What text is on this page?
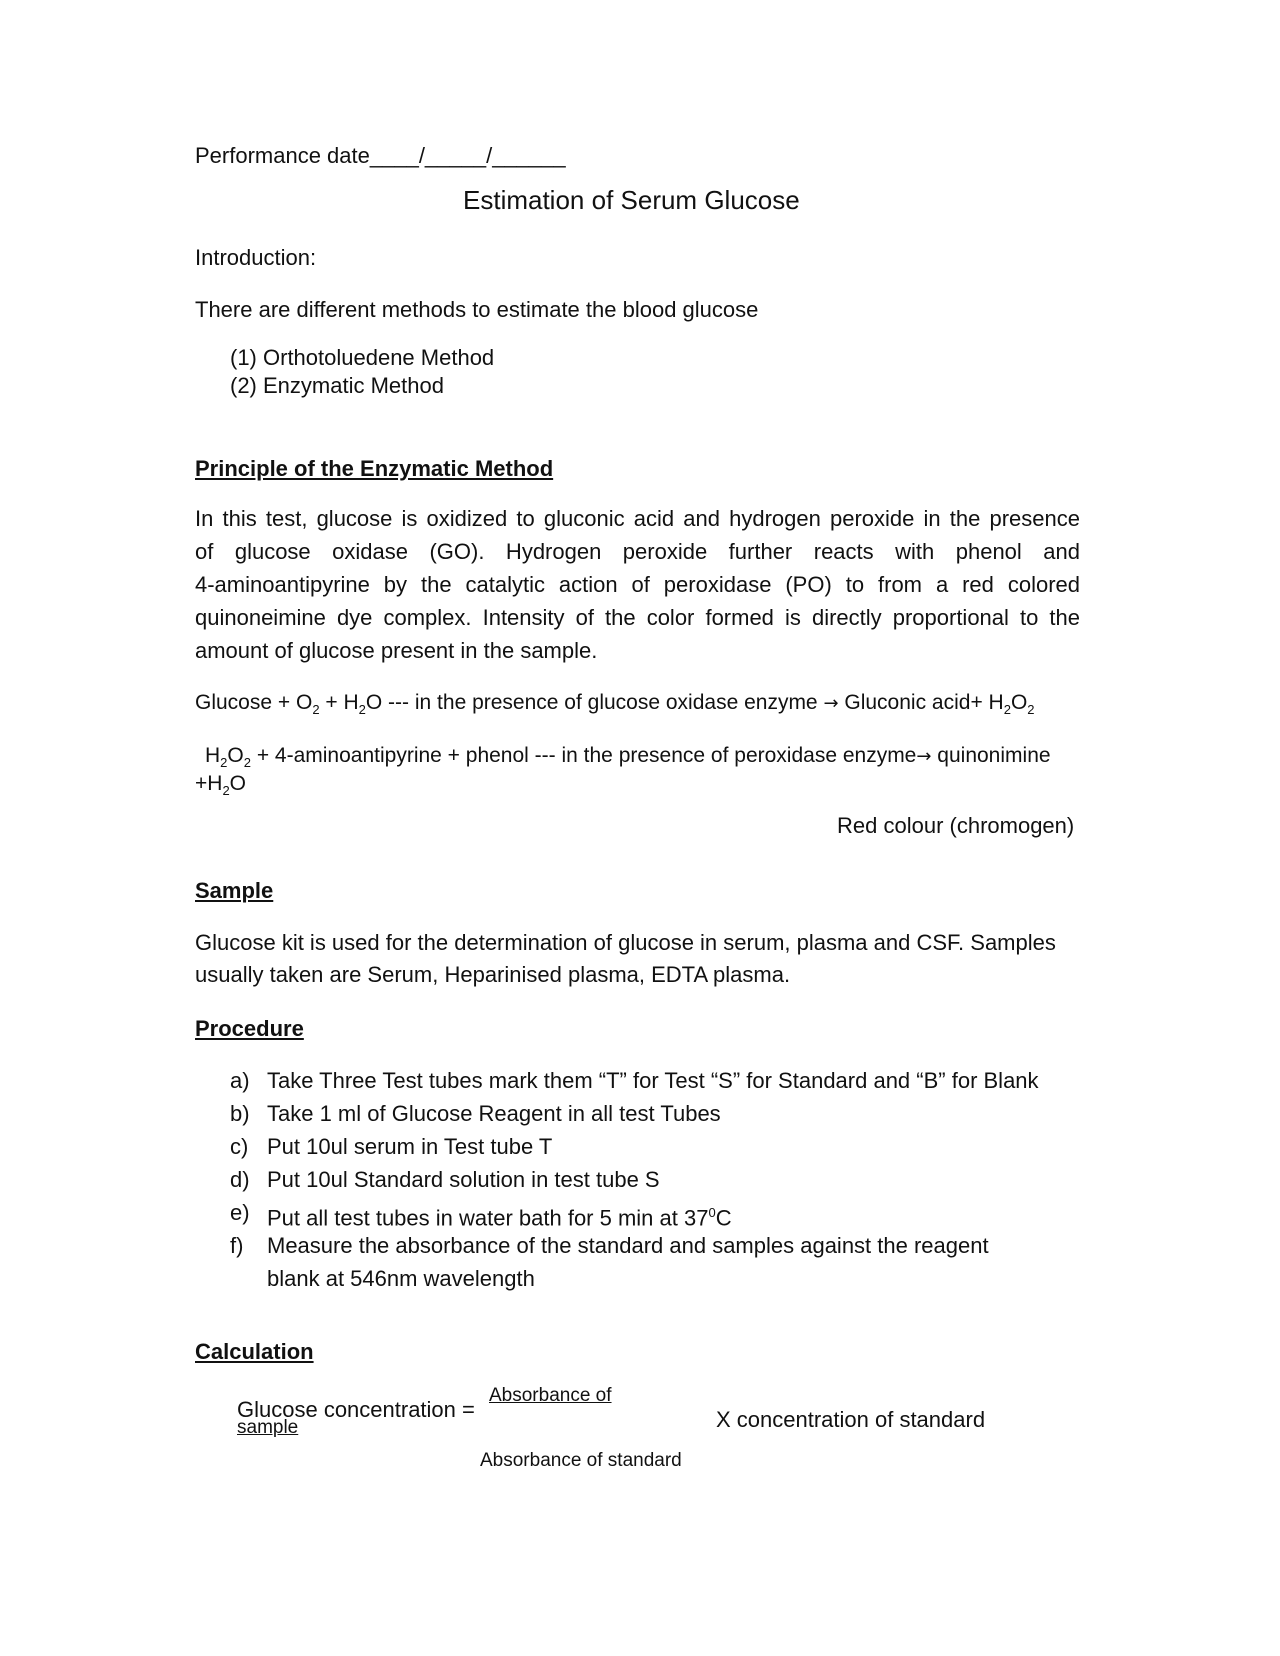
Performance date____/_____/______
Estimation of Serum Glucose
Introduction:
There are different methods to estimate the blood glucose
(1) Orthotoluedene Method
(2) Enzymatic Method
Principle of the Enzymatic Method
In this test, glucose is oxidized to gluconic acid and hydrogen peroxide in the presence
of glucose oxidase (GO). Hydrogen peroxide further reacts with phenol and
4-aminoantipyrine by the catalytic action of peroxidase (PO) to from a red colored
quinoneimine dye complex. Intensity of the color formed is directly proportional to the
amount of glucose present in the sample.
$Glucose + O_2 + H_2O$ --- in the presence of glucose oxidase enzyme → Gluconic acid+ $H_2O_2$
$H_2O_2$ + 4-aminoantipyrine + phenol --- in the presence of peroxidase enzyme→ quinonimine
$+H_2O$
Red colour (chromogen)
Sample
Glucose kit is used for the determination of glucose in serum, plasma and CSF. Samples
usually taken are Serum, Heparinised plasma, EDTA plasma.
Procedure
a) Take Three Test tubes mark them “T” for Test “S” for Standard and “B” for Blank
b) Take 1 ml of Glucose Reagent in all test Tubes
c) Put 10ul serum in Test tube T
d) Put 10ul Standard solution in test tube S
e) Put all test tubes in water bath for 5 min at $37^0C$
f) Measure the absorbance of the standard and samples against the reagent
blank at 546nm wavelength
Calculation
Glucose concentration =
Absorbance of
sample	X concentration of standard
Absorbance of standard
